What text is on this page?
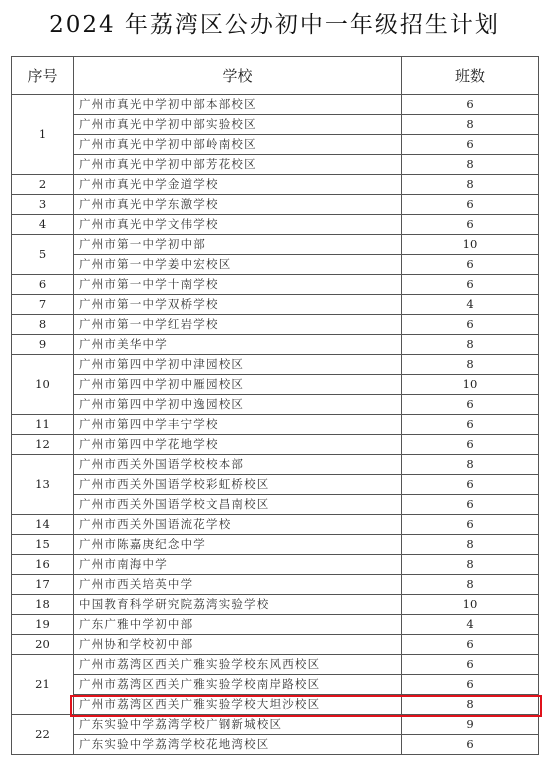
2024 年荔湾区公办初中一年级招生计划
序号	学校	班数
1	广州市真光中学初中部本部校区	6
	广州市真光中学初中部实验校区	8
	广州市真光中学初中部岭南校区	6
	广州市真光中学初中部芳花校区	8
2	广州市真光中学金道学校	8
3	广州市真光中学东激学校	6
4	广州市真光中学文伟学校	6
5	广州市第一中学初中部	10
	广州市第一中学姜中宏校区	6
6	广州市第一中学十南学校	6
7	广州市第一中学双桥学校	4
8	广州市第一中学红岩学校	6
9	广州市美华中学	8
10	广州市第四中学初中津园校区	8
	广州市第四中学初中雁园校区	10
	广州市第四中学初中逸园校区	6
11	广州市第四中学丰宁学校	6
12	广州市第四中学花地学校	6
13	广州市西关外国语学校校本部	8
	广州市西关外国语学校彩虹桥校区	6
	广州市西关外国语学校文昌南校区	6
14	广州市西关外国语流花学校	6
15	广州市陈嘉庚纪念中学	8
16	广州市南海中学	8
17	广州市西关培英中学	8
18	中国教育科学研究院荔湾实验学校	10
19	广东广雅中学初中部	4
20	广州协和学校初中部	6
21	广州市荔湾区西关广雅实验学校东风西校区	6
	广州市荔湾区西关广雅实验学校南岸路校区	6
	广州市荔湾区西关广雅实验学校大坦沙校区	8
22	广东实验中学荔湾学校广钢新城校区	9
	广东实验中学荔湾学校花地湾校区	6
